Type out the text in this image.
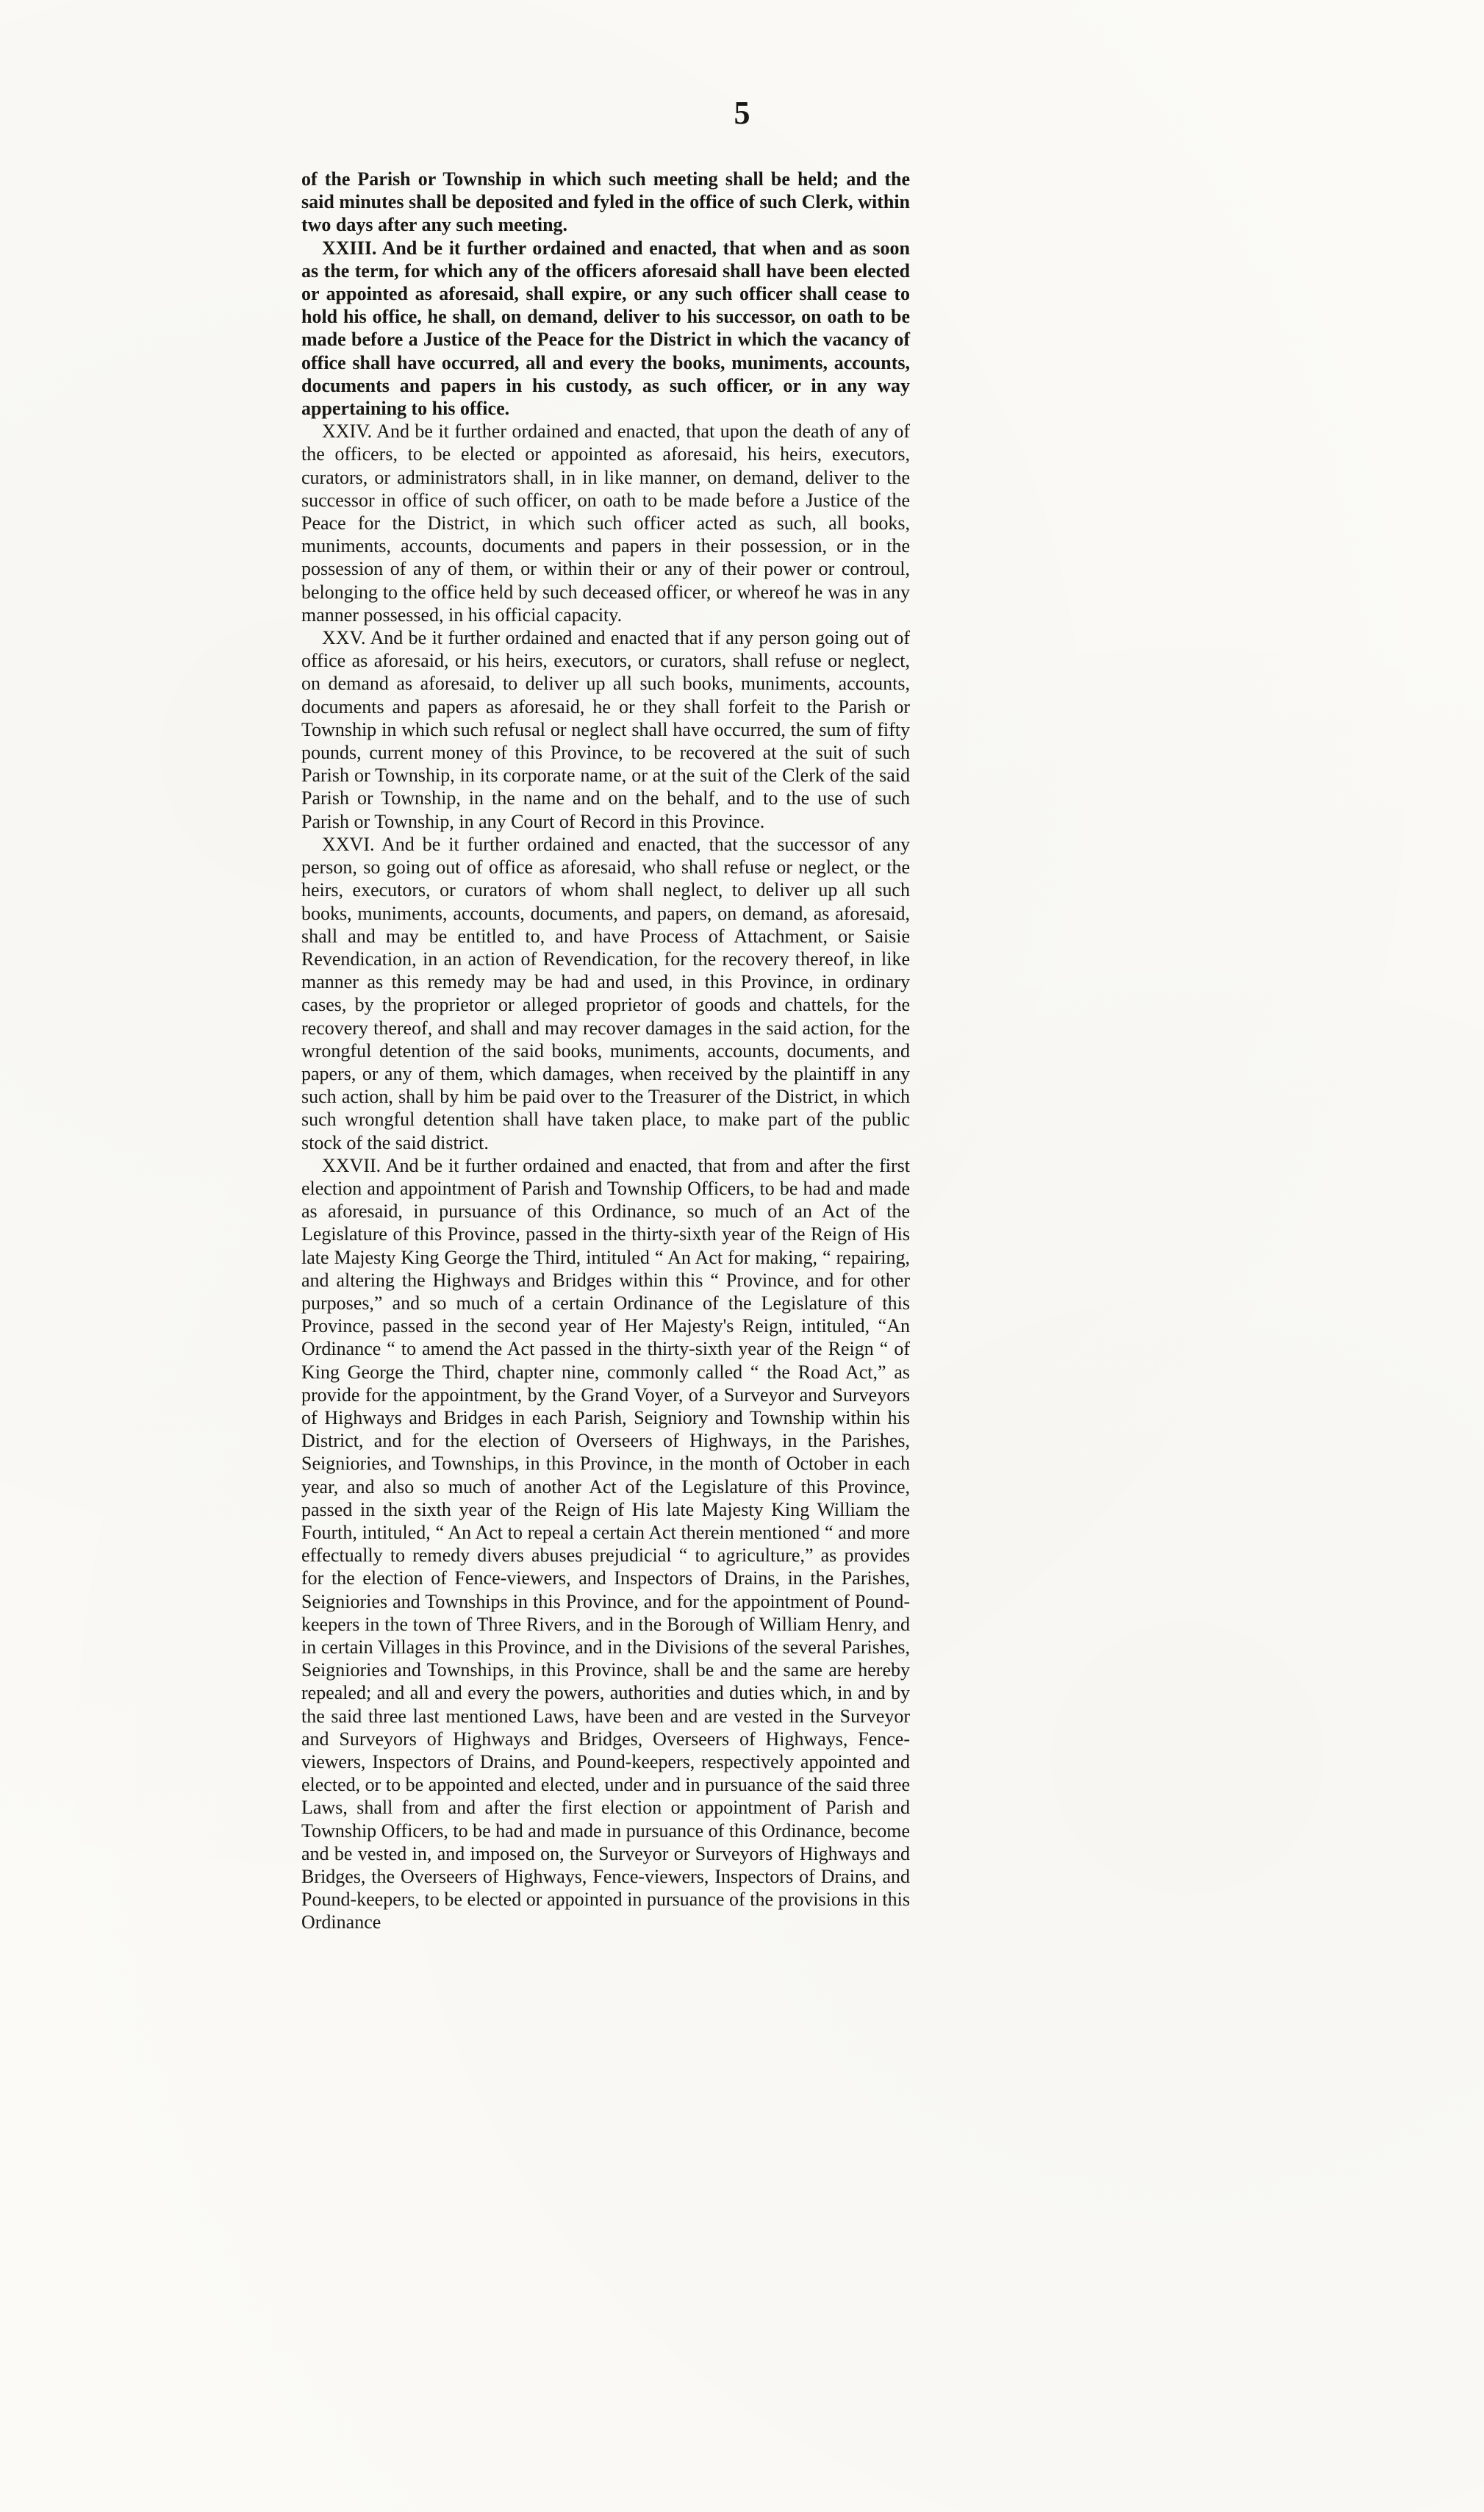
5

of the Parish or Township in which such meeting shall be held; and the said minutes shall be deposited and fyled in the office of such Clerk, within two days after any such meeting.

XXIII. And be it further ordained and enacted, that when and as soon as the term, for which any of the officers aforesaid shall have been elected or appointed as aforesaid, shall expire, or any such officer shall cease to hold his office, he shall, on demand, deliver to his successor, on oath to be made before a Justice of the Peace for the District in which the vacancy of office shall have occurred, all and every the books, muniments, accounts, documents and papers in his custody, as such officer, or in any way appertaining to his office.

XXIV. And be it further ordained and enacted, that upon the death of any of the officers, to be elected or appointed as aforesaid, his heirs, executors, curators, or administrators shall, in in like manner, on demand, deliver to the successor in office of such officer, on oath to be made before a Justice of the Peace for the District, in which such officer acted as such, all books, muniments, accounts, documents and papers in their possession, or in the possession of any of them, or within their or any of their power or controul, belonging to the office held by such deceased officer, or whereof he was in any manner possessed, in his official capacity.

XXV. And be it further ordained and enacted that if any person going out of office as aforesaid, or his heirs, executors, or curators, shall refuse or neglect, on demand as aforesaid, to deliver up all such books, muniments, accounts, documents and papers as aforesaid, he or they shall forfeit to the Parish or Township in which such refusal or neglect shall have occurred, the sum of fifty pounds, current money of this Province, to be recovered at the suit of such Parish or Township, in its corporate name, or at the suit of the Clerk of the said Parish or Township, in the name and on the behalf, and to the use of such Parish or Township, in any Court of Record in this Province.

XXVI. And be it further ordained and enacted, that the successor of any person, so going out of office as aforesaid, who shall refuse or neglect, or the heirs, executors, or curators of whom shall neglect, to deliver up all such books, muniments, accounts, documents, and papers, on demand, as aforesaid, shall and may be entitled to, and have Process of Attachment, or Saisie Revendication, in an action of Revendication, for the recovery thereof, in like manner as this remedy may be had and used, in this Province, in ordinary cases, by the proprietor or alleged proprietor of goods and chattels, for the recovery thereof, and shall and may recover damages in the said action, for the wrongful detention of the said books, muniments, accounts, documents, and papers, or any of them, which damages, when received by the plaintiff in any such action, shall by him be paid over to the Treasurer of the District, in which such wrongful detention shall have taken place, to make part of the public stock of the said district.

XXVII. And be it further ordained and enacted, that from and after the first election and appointment of Parish and Township Officers, to be had and made as aforesaid, in pursuance of this Ordinance, so much of an Act of the Legislature of this Province, passed in the thirty-sixth year of the Reign of His late Majesty King George the Third, intituled “ An Act for making, “ repairing, and altering the Highways and Bridges within this “ Province, and for other purposes,” and so much of a certain Ordinance of the Legislature of this Province, passed in the second year of Her Majesty's Reign, intituled, “An Ordinance “ to amend the Act passed in the thirty-sixth year of the Reign “ of King George the Third, chapter nine, commonly called “ the Road Act,” as provide for the appointment, by the Grand Voyer, of a Surveyor and Surveyors of Highways and Bridges in each Parish, Seigniory and Township within his District, and for the election of Overseers of Highways, in the Parishes, Seigniories, and Townships, in this Province, in the month of October in each year, and also so much of another Act of the Legislature of this Province, passed in the sixth year of the Reign of His late Majesty King William the Fourth, intituled, “ An Act to repeal a certain Act therein mentioned “ and more effectually to remedy divers abuses prejudicial “ to agriculture,” as provides for the election of Fence-viewers, and Inspectors of Drains, in the Parishes, Seigniories and Townships in this Province, and for the appointment of Pound-keepers in the town of Three Rivers, and in the Borough of William Henry, and in certain Villages in this Province, and in the Divisions of the several Parishes, Seigniories and Townships, in this Province, shall be and the same are hereby repealed; and all and every the powers, authorities and duties which, in and by the said three last mentioned Laws, have been and are vested in the Surveyor and Surveyors of Highways and Bridges, Overseers of Highways, Fence-viewers, Inspectors of Drains, and Pound-keepers, respectively appointed and elected, or to be appointed and elected, under and in pursuance of the said three Laws, shall from and after the first election or appointment of Parish and Township Officers, to be had and made in pursuance of this Ordinance, become and be vested in, and imposed on, the Surveyor or Surveyors of Highways and Bridges, the Overseers of Highways, Fence-viewers, Inspectors of Drains, and Pound-keepers, to be elected or appointed in pursuance of the provisions in this Ordinance
